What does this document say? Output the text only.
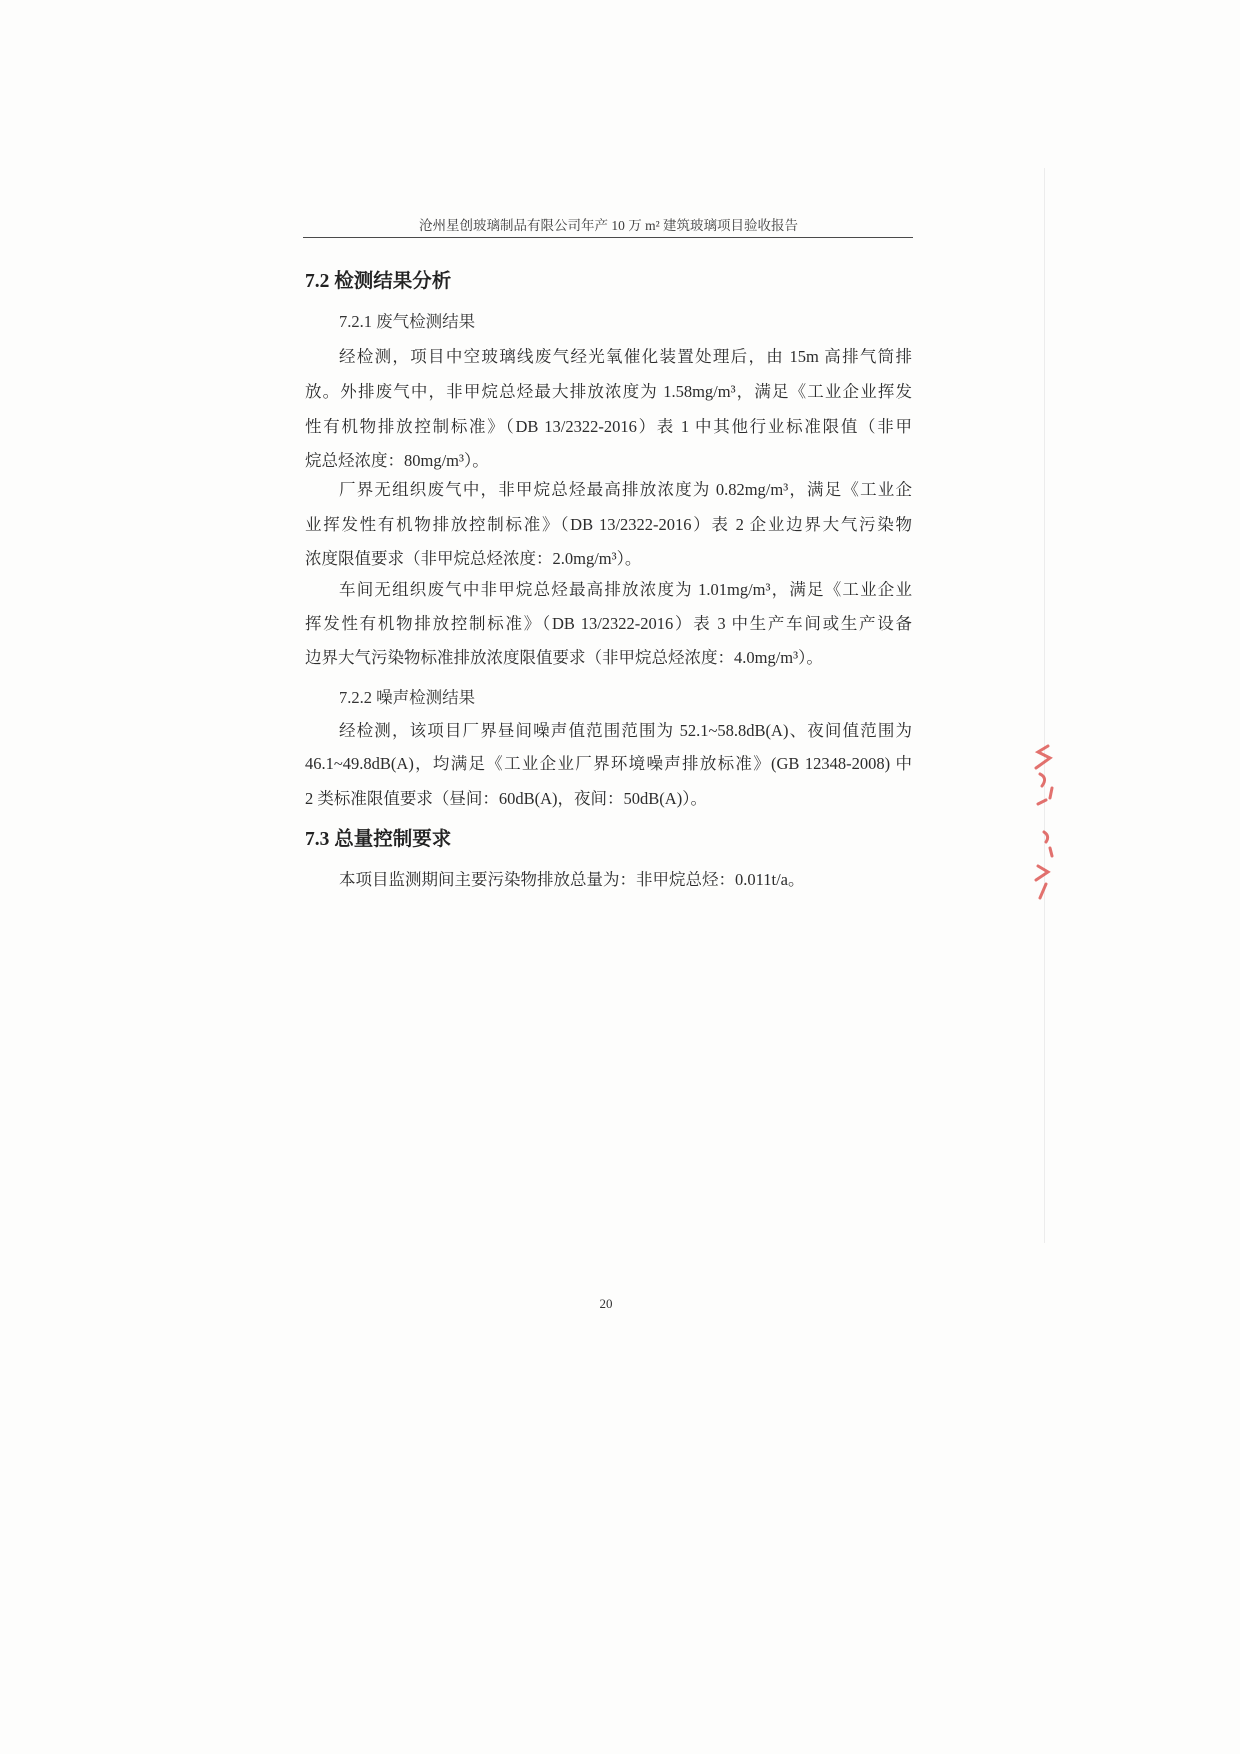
沧州星创玻璃制品有限公司年产 10 万 m² 建筑玻璃项目验收报告
7.2 检测结果分析
7.2.1 废气检测结果
经检测，项目中空玻璃线废气经光氧催化装置处理后，由 15m 高排气筒排
放。外排废气中，非甲烷总烃最大排放浓度为 1.58mg/m³，满足《工业企业挥发
性有机物排放控制标准》（DB 13/2322-2016）表 1 中其他行业标准限值（非甲
烷总烃浓度：80mg/m³）。
厂界无组织废气中，非甲烷总烃最高排放浓度为 0.82mg/m³，满足《工业企
业挥发性有机物排放控制标准》（DB 13/2322-2016）表 2 企业边界大气污染物
浓度限值要求（非甲烷总烃浓度：2.0mg/m³）。
车间无组织废气中非甲烷总烃最高排放浓度为 1.01mg/m³，满足《工业企业
挥发性有机物排放控制标准》（DB 13/2322-2016）表 3 中生产车间或生产设备
边界大气污染物标准排放浓度限值要求（非甲烷总烃浓度：4.0mg/m³）。
7.2.2 噪声检测结果
经检测，该项目厂界昼间噪声值范围范围为 52.1~58.8dB(A)、夜间值范围为
46.1~49.8dB(A)，均满足《工业企业厂界环境噪声排放标准》(GB 12348-2008) 中
2 类标准限值要求（昼间：60dB(A)，夜间：50dB(A)）。
7.3 总量控制要求
本项目监测期间主要污染物排放总量为：非甲烷总烃：0.011t/a。
20
